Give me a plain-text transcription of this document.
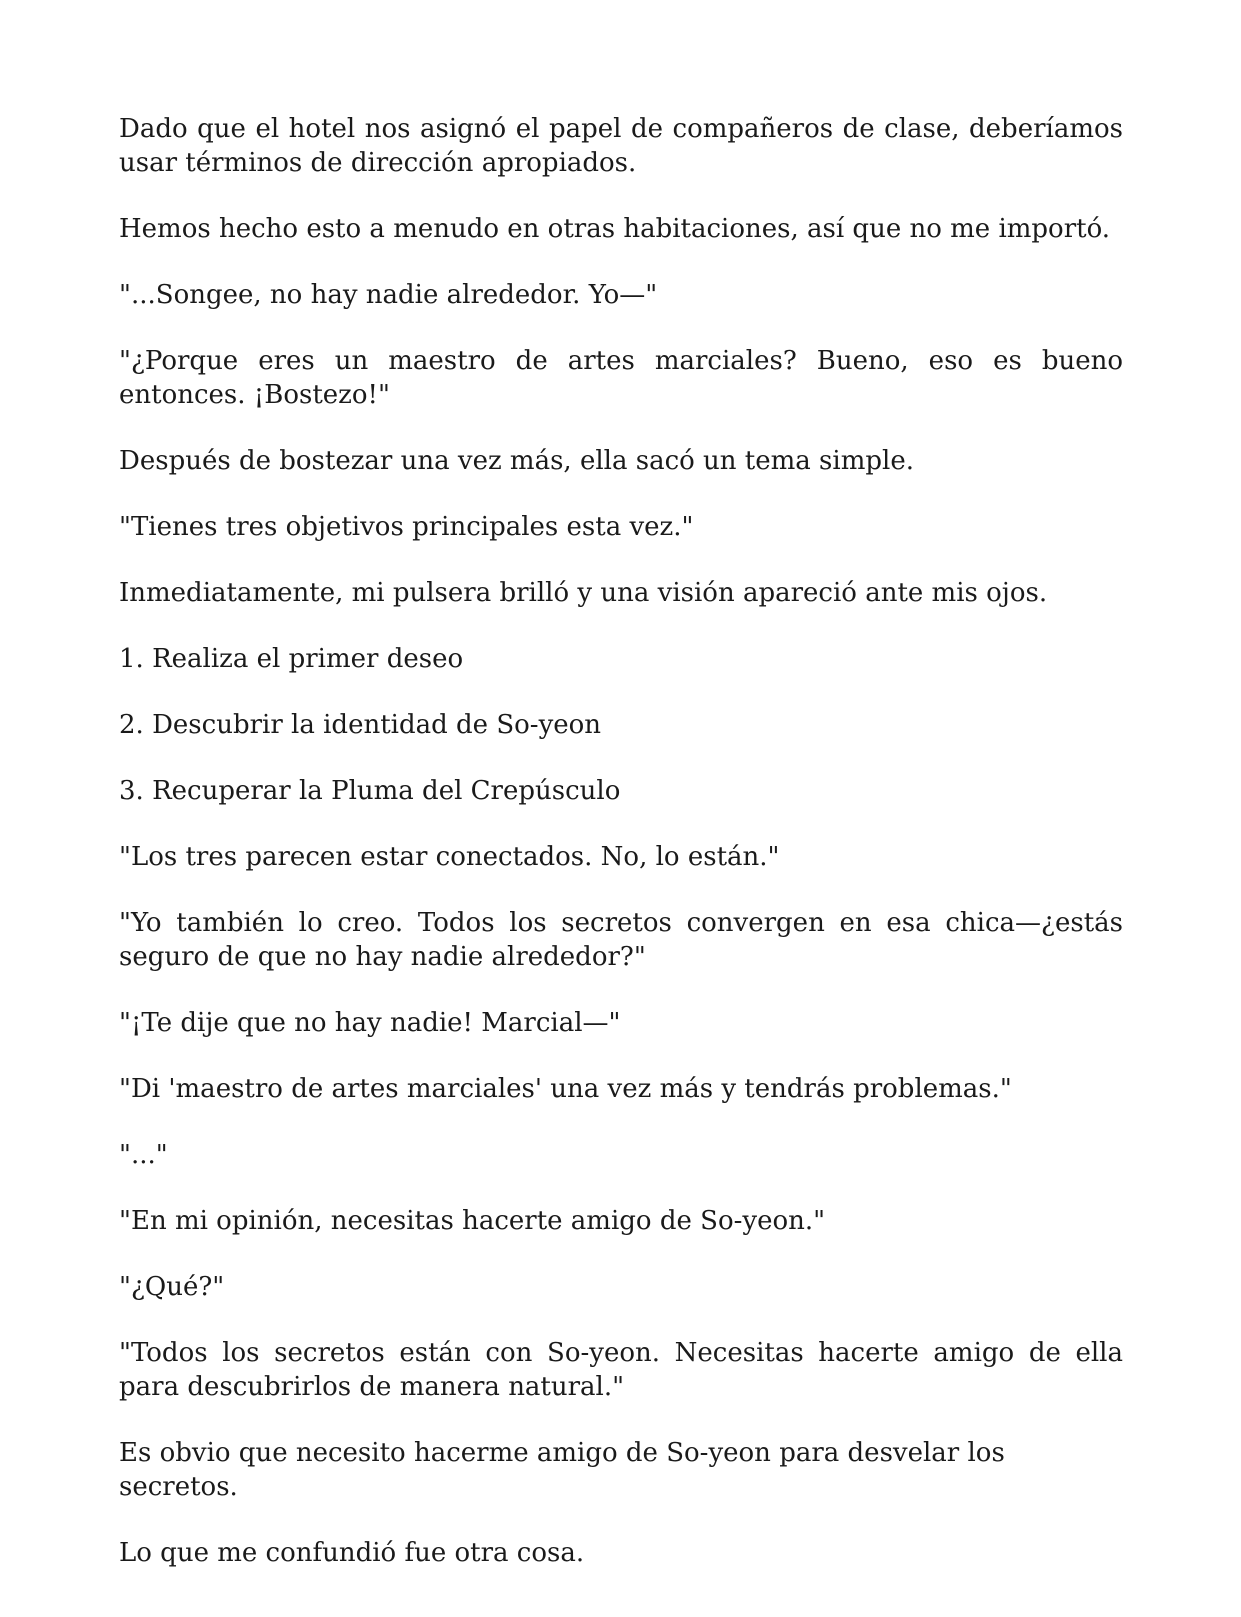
Dado que el hotel nos asignó el papel de compañeros de clase, deberíamos usar términos de dirección apropiados.

Hemos hecho esto a menudo en otras habitaciones, así que no me importó.

"...Songee, no hay nadie alrededor. Yo—"

"¿Porque eres un maestro de artes marciales? Bueno, eso es bueno entonces. ¡Bostezo!"

Después de bostezar una vez más, ella sacó un tema simple.

"Tienes tres objetivos principales esta vez."

Inmediatamente, mi pulsera brilló y una visión apareció ante mis ojos.

1. Realiza el primer deseo

2. Descubrir la identidad de So-yeon

3. Recuperar la Pluma del Crepúsculo

"Los tres parecen estar conectados. No, lo están."

"Yo también lo creo. Todos los secretos convergen en esa chica—¿estás seguro de que no hay nadie alrededor?"

"¡Te dije que no hay nadie! Marcial—"

"Di 'maestro de artes marciales' una vez más y tendrás problemas."

"..."

"En mi opinión, necesitas hacerte amigo de So-yeon."

"¿Qué?"

"Todos los secretos están con So-yeon. Necesitas hacerte amigo de ella para descubrirlos de manera natural."

Es obvio que necesito hacerme amigo de So-yeon para desvelar los secretos.

Lo que me confundió fue otra cosa.
